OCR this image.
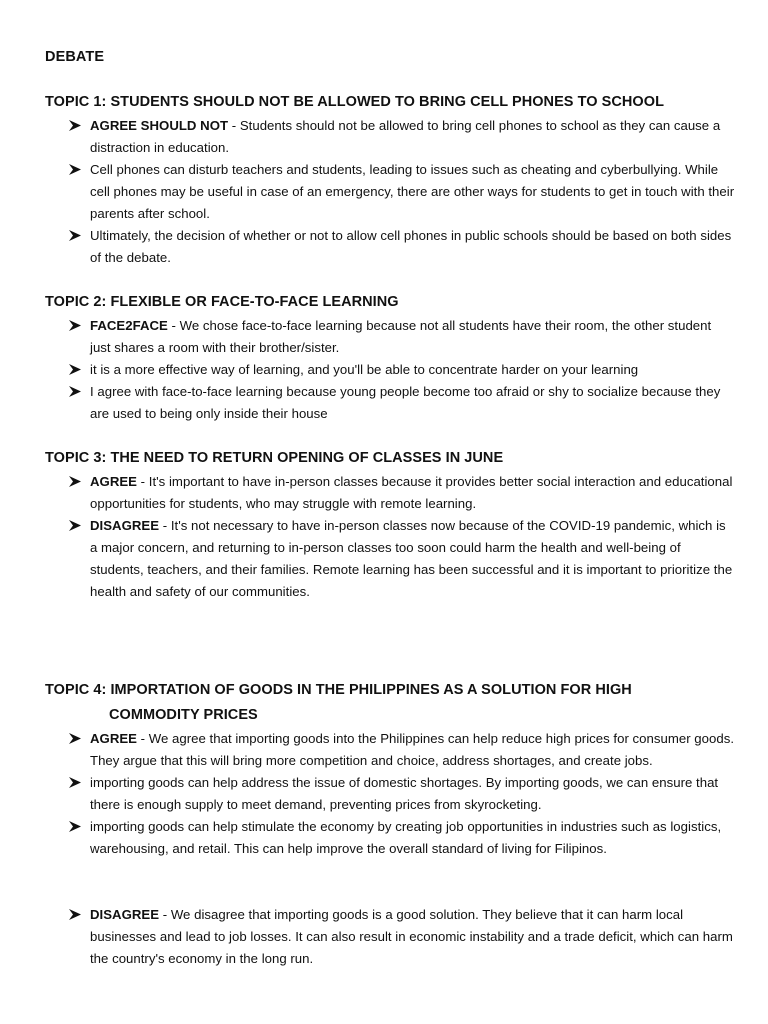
DEBATE
TOPIC 1: STUDENTS SHOULD NOT BE ALLOWED TO BRING CELL PHONES TO SCHOOL
AGREE SHOULD NOT - Students should not be allowed to bring cell phones to school as they can cause a distraction in education.
Cell phones can disturb teachers and students, leading to issues such as cheating and cyberbullying. While cell phones may be useful in case of an emergency, there are other ways for students to get in touch with their parents after school.
Ultimately, the decision of whether or not to allow cell phones in public schools should be based on both sides of the debate.
TOPIC 2: FLEXIBLE OR FACE-TO-FACE LEARNING
FACE2FACE - We chose face-to-face learning because not all students have their room, the other student just shares a room with their brother/sister.
it is a more effective way of learning, and you'll be able to concentrate harder on your learning
I agree with face-to-face learning because young people become too afraid or shy to socialize because they are used to being only inside their house
TOPIC 3: THE NEED TO RETURN OPENING OF CLASSES IN JUNE
AGREE - It's important to have in-person classes because it provides better social interaction and educational opportunities for students, who may struggle with remote learning.
DISAGREE - It's not necessary to have in-person classes now because of the COVID-19 pandemic, which is a major concern, and returning to in-person classes too soon could harm the health and well-being of students, teachers, and their families. Remote learning has been successful and it is important to prioritize the health and safety of our communities.
TOPIC 4: IMPORTATION OF GOODS IN THE PHILIPPINES AS A SOLUTION FOR HIGH
COMMODITY PRICES
AGREE - We agree that importing goods into the Philippines can help reduce high prices for consumer goods. They argue that this will bring more competition and choice, address shortages, and create jobs.
importing goods can help address the issue of domestic shortages. By importing goods, we can ensure that there is enough supply to meet demand, preventing prices from skyrocketing.
importing goods can help stimulate the economy by creating job opportunities in industries such as logistics, warehousing, and retail. This can help improve the overall standard of living for Filipinos.
DISAGREE - We disagree that importing goods is a good solution. They believe that it can harm local businesses and lead to job losses. It can also result in economic instability and a trade deficit, which can harm the country's economy in the long run.
